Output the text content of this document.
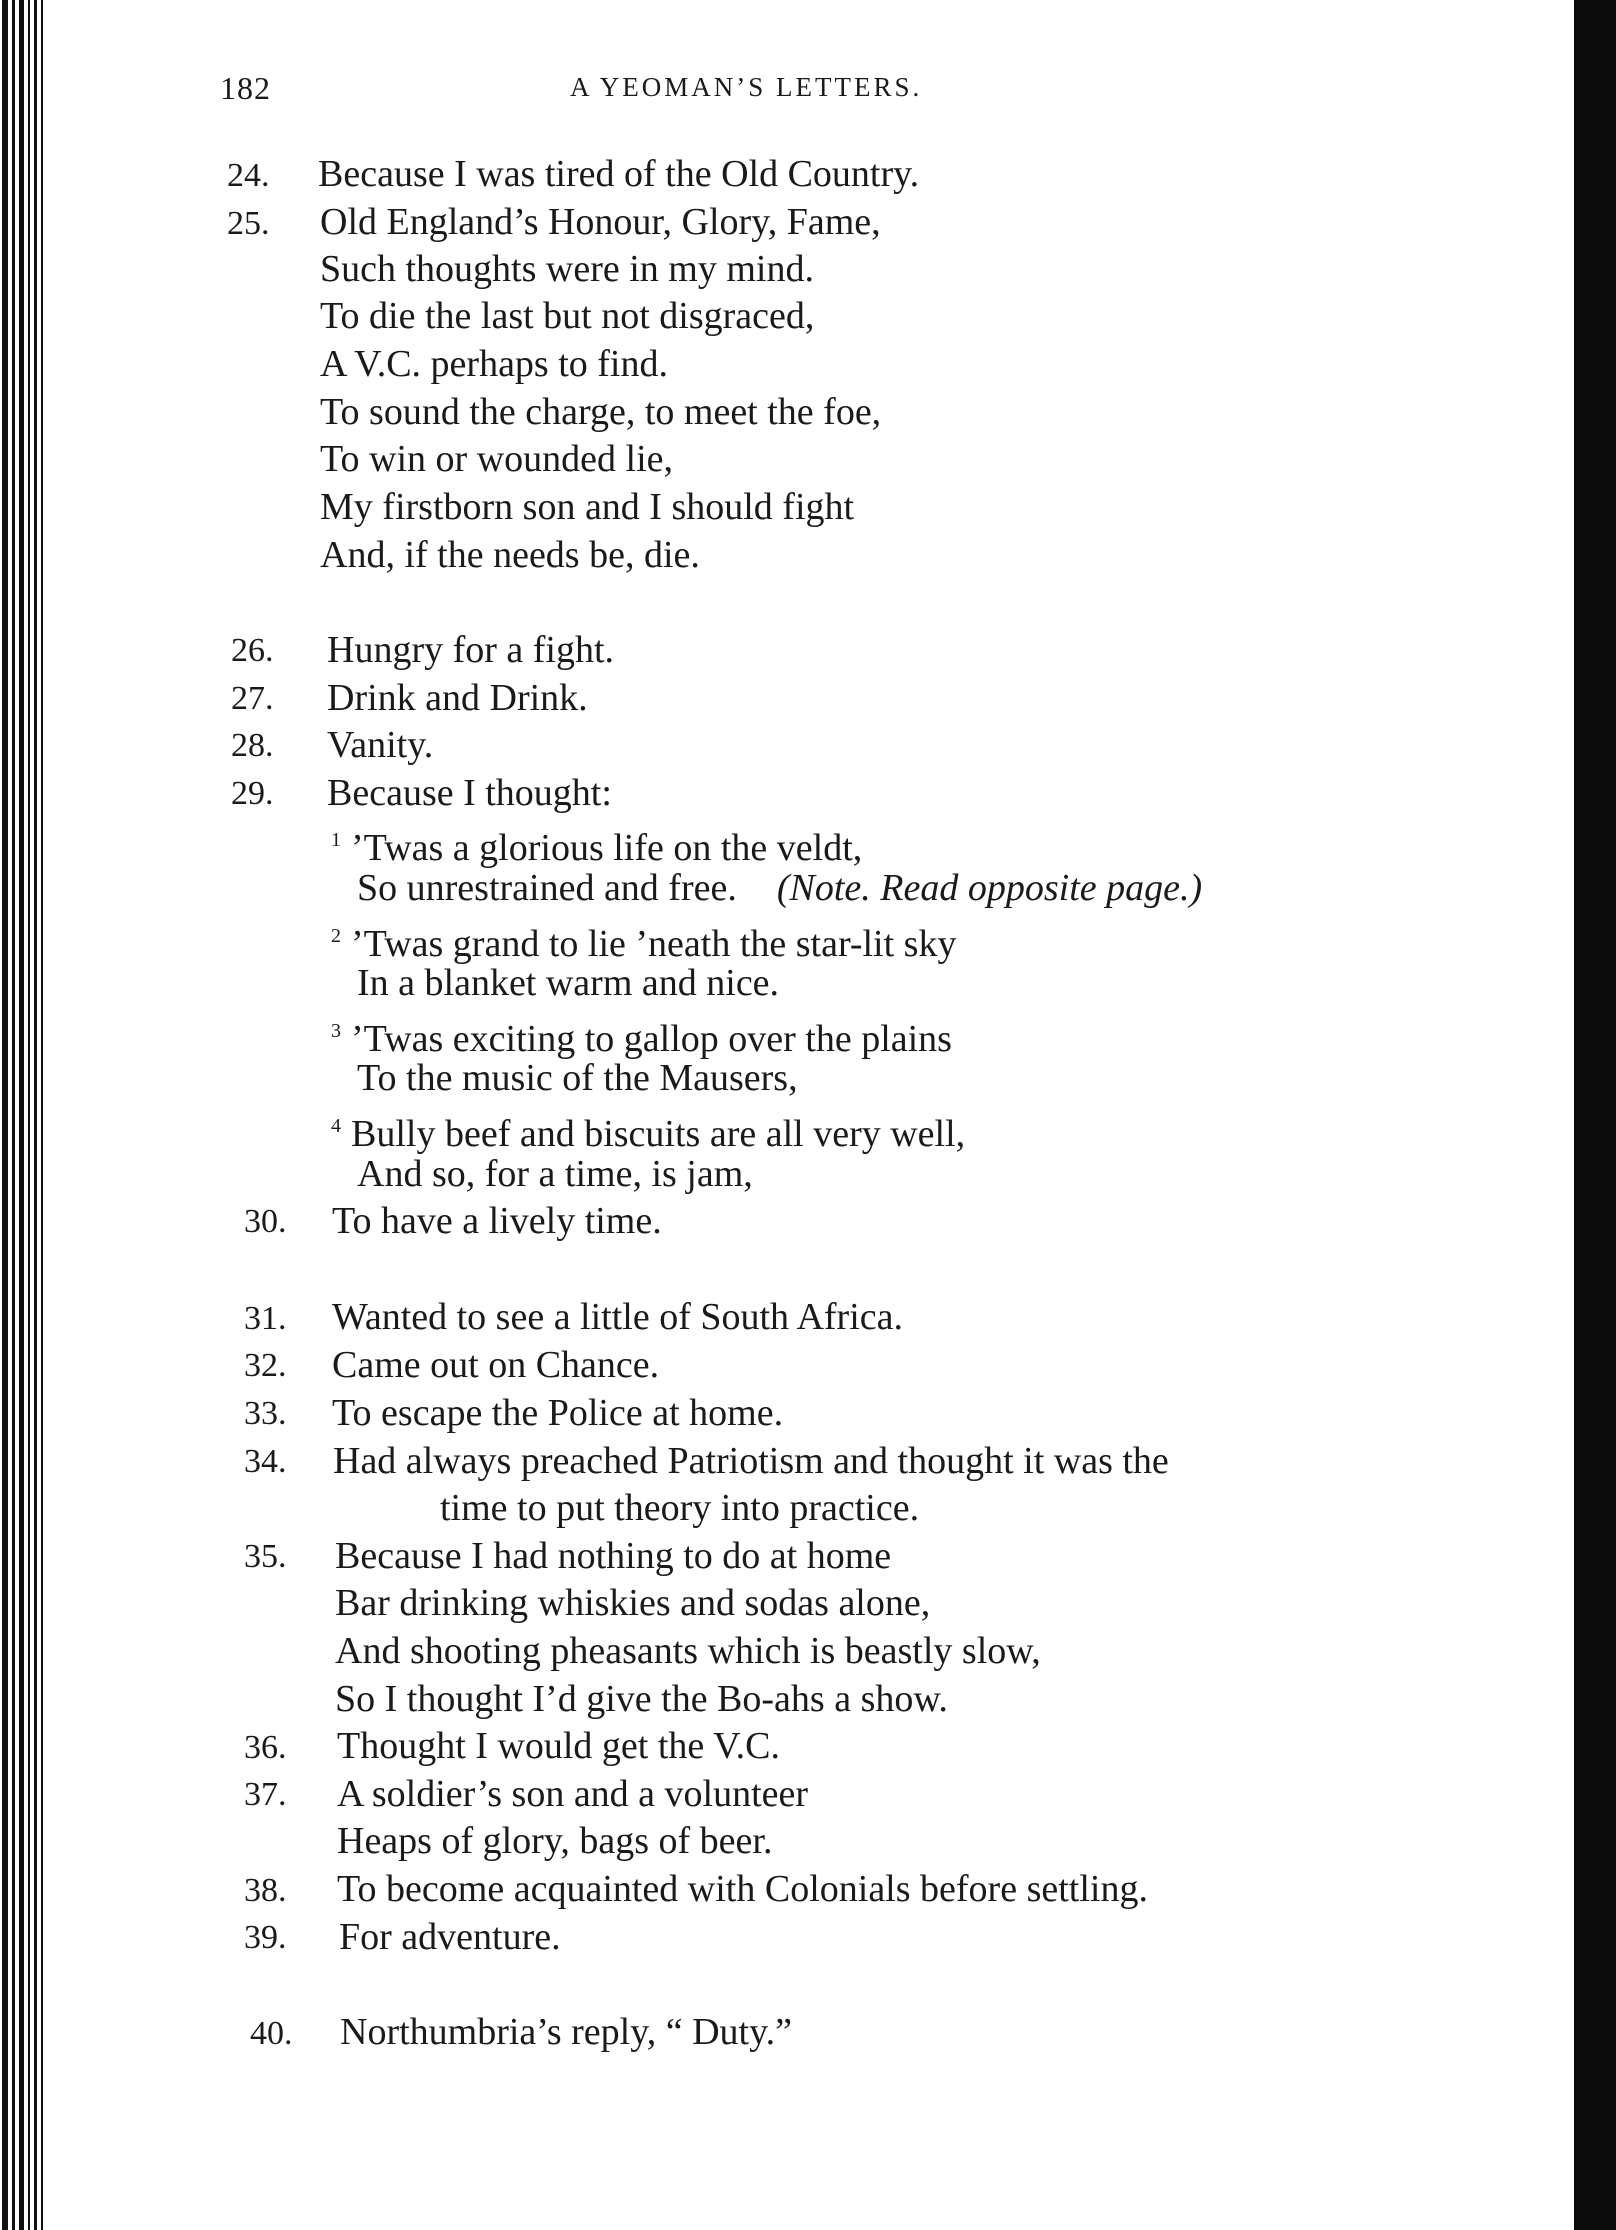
182	A YEOMAN’S LETTERS.
24. Because I was tired of the Old Country.
25. Old England’s Honour, Glory, Fame,
Such thoughts were in my mind.
To die the last but not disgraced,
A V.C. perhaps to find.
To sound the charge, to meet the foe,
To win or wounded lie,
My firstborn son and I should fight
And, if the needs be, die.
26. Hungry for a fight.
27. Drink and Drink.
28. Vanity.
29. Because I thought:
$^1$ ’Twas a glorious life on the veldt,
So unrestrained and free. (Note. Read opposite page.)
$^2$ ’Twas grand to lie ’neath the star-lit sky
In a blanket warm and nice.
$^3$ ’Twas exciting to gallop over the plains
To the music of the Mausers,
$^4$ Bully beef and biscuits are all very well,
And so, for a time, is jam,
30. To have a lively time.
31. Wanted to see a little of South Africa.
32. Came out on Chance.
33. To escape the Police at home.
34. Had always preached Patriotism and thought it was the
time to put theory into practice.
35. Because I had nothing to do at home
Bar drinking whiskies and sodas alone,
And shooting pheasants which is beastly slow,
So I thought I’d give the Bo-ahs a show.
36. Thought I would get the V.C.
37. A soldier’s son and a volunteer
Heaps of glory, bags of beer.
38. To become acquainted with Colonials before settling.
39. For adventure.
40. Northumbria’s reply, “ Duty.”
